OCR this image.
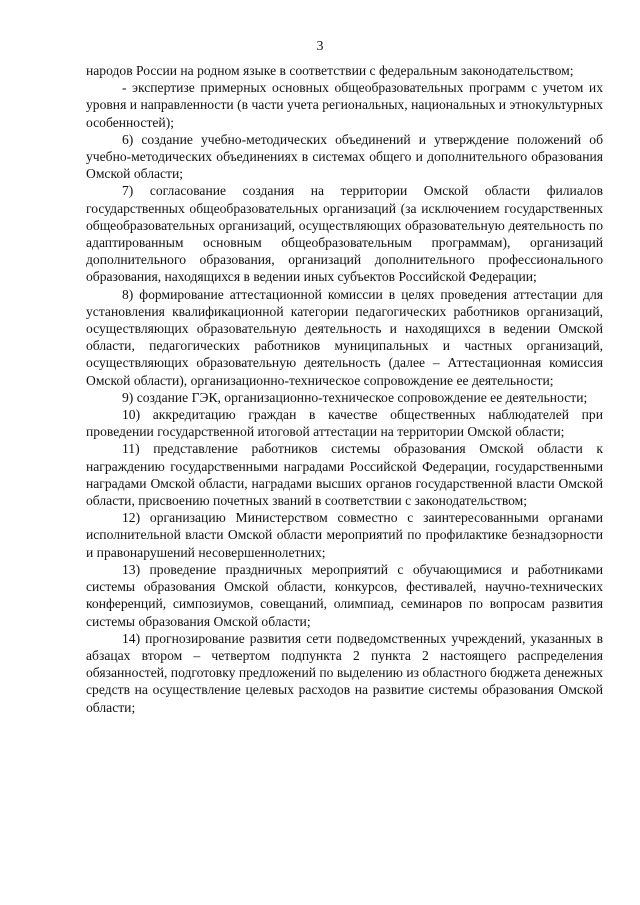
3

народов России на родном языке в соответствии с федеральным законодательством;

- экспертизе примерных основных общеобразовательных программ с учетом их уровня и направленности (в части учета региональных, национальных и этнокультурных особенностей);

6) создание учебно-методических объединений и утверждение положений об учебно-методических объединениях в системах общего и дополнительного образования Омской области;

7) согласование создания на территории Омской области филиалов государственных общеобразовательных организаций (за исключением государственных общеобразовательных организаций, осуществляющих образовательную деятельность по адаптированным основным общеобразовательным программам), организаций дополнительного образования, организаций дополнительного профессионального образования, находящихся в ведении иных субъектов Российской Федерации;

8) формирование аттестационной комиссии в целях проведения аттестации для установления квалификационной категории педагогических работников организаций, осуществляющих образовательную деятельность и находящихся в ведении Омской области, педагогических работников муниципальных и частных организаций, осуществляющих образовательную деятельность (далее – Аттестационная комиссия Омской области), организационно-техническое сопровождение ее деятельности;

9) создание ГЭК, организационно-техническое сопровождение ее деятельности;

10) аккредитацию граждан в качестве общественных наблюдателей при проведении государственной итоговой аттестации на территории Омской области;

11) представление работников системы образования Омской области к награждению государственными наградами Российской Федерации, государственными наградами Омской области, наградами высших органов государственной власти Омской области, присвоению почетных званий в соответствии с законодательством;

12) организацию Министерством совместно с заинтересованными органами исполнительной власти Омской области мероприятий по профилактике безнадзорности и правонарушений несовершеннолетних;

13) проведение праздничных мероприятий с обучающимися и работниками системы образования Омской области, конкурсов, фестивалей, научно-технических конференций, симпозиумов, совещаний, олимпиад, семинаров по вопросам развития системы образования Омской области;

14) прогнозирование развития сети подведомственных учреждений, указанных в абзацах втором – четвертом подпункта 2 пункта 2 настоящего распределения обязанностей, подготовку предложений по выделению из областного бюджета денежных средств на осуществление целевых расходов на развитие системы образования Омской области;
